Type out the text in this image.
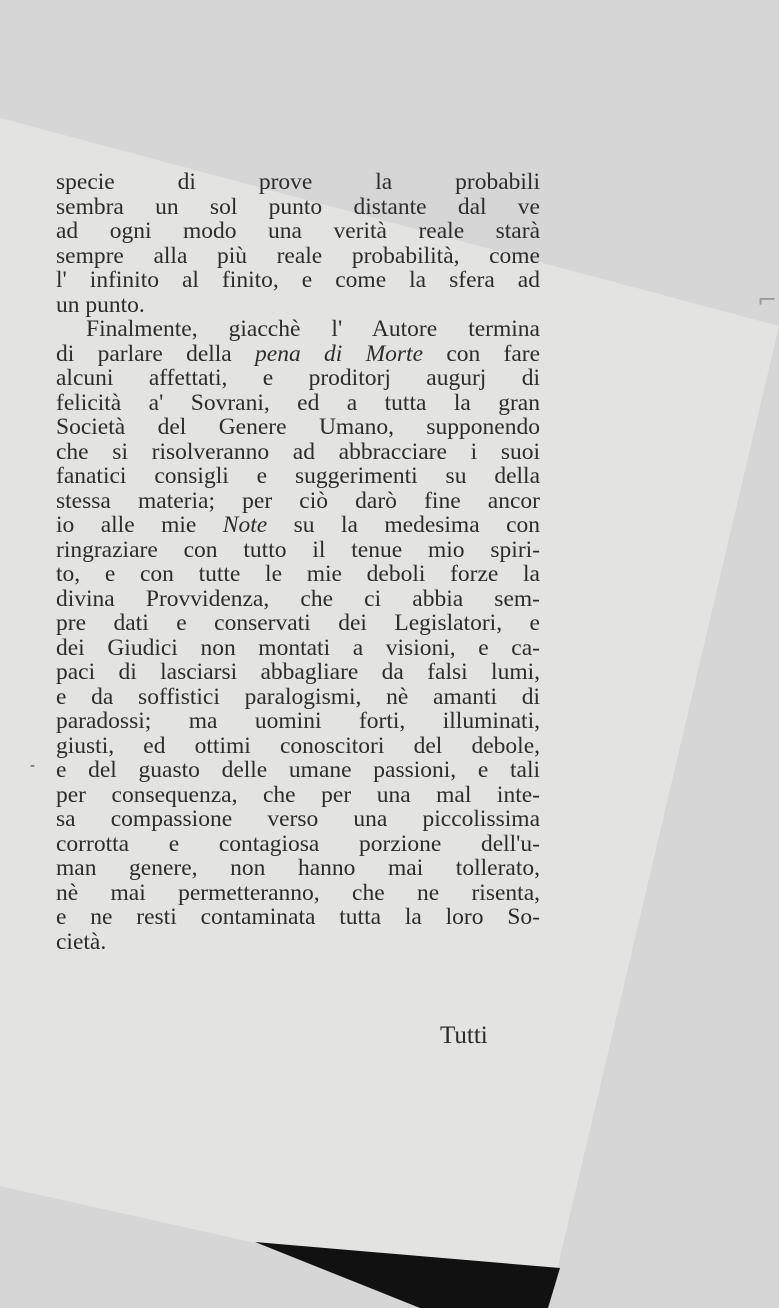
⌐
-
specie di prove la probabili
sembra un sol punto distante dal ve
ad ogni modo una verità reale starà
sempre alla più reale probabilità, come
l' infinito al finito, e come la sfera ad
un punto.
Finalmente, giacchè l' Autore termina
di parlare della pena di Morte con fare
alcuni affettati, e proditorj augurj di
felicità a' Sovrani, ed a tutta la gran
Società del Genere Umano, supponendo
che si risolveranno ad abbracciare i suoi
fanatici consigli e suggerimenti su della
stessa materia; per ciò darò fine ancor
io alle mie Note su la medesima con
ringraziare con tutto il tenue mio spiri-
to, e con tutte le mie deboli forze la
divina Provvidenza, che ci abbia sem-
pre dati e conservati dei Legislatori, e
dei Giudici non montati a visioni, e ca-
paci di lasciarsi abbagliare da falsi lumi,
e da soffistici paralogismi, nè amanti di
paradossi; ma uomini forti, illuminati,
giusti, ed ottimi conoscitori del debole,
e del guasto delle umane passioni, e tali
per consequenza, che per una mal inte-
sa compassione verso una piccolissima
corrotta e contagiosa porzione dell'u-
man genere, non hanno mai tollerato,
nè mai permetteranno, che ne risenta,
e ne resti contaminata tutta la loro So-
cietà.
Tutti
